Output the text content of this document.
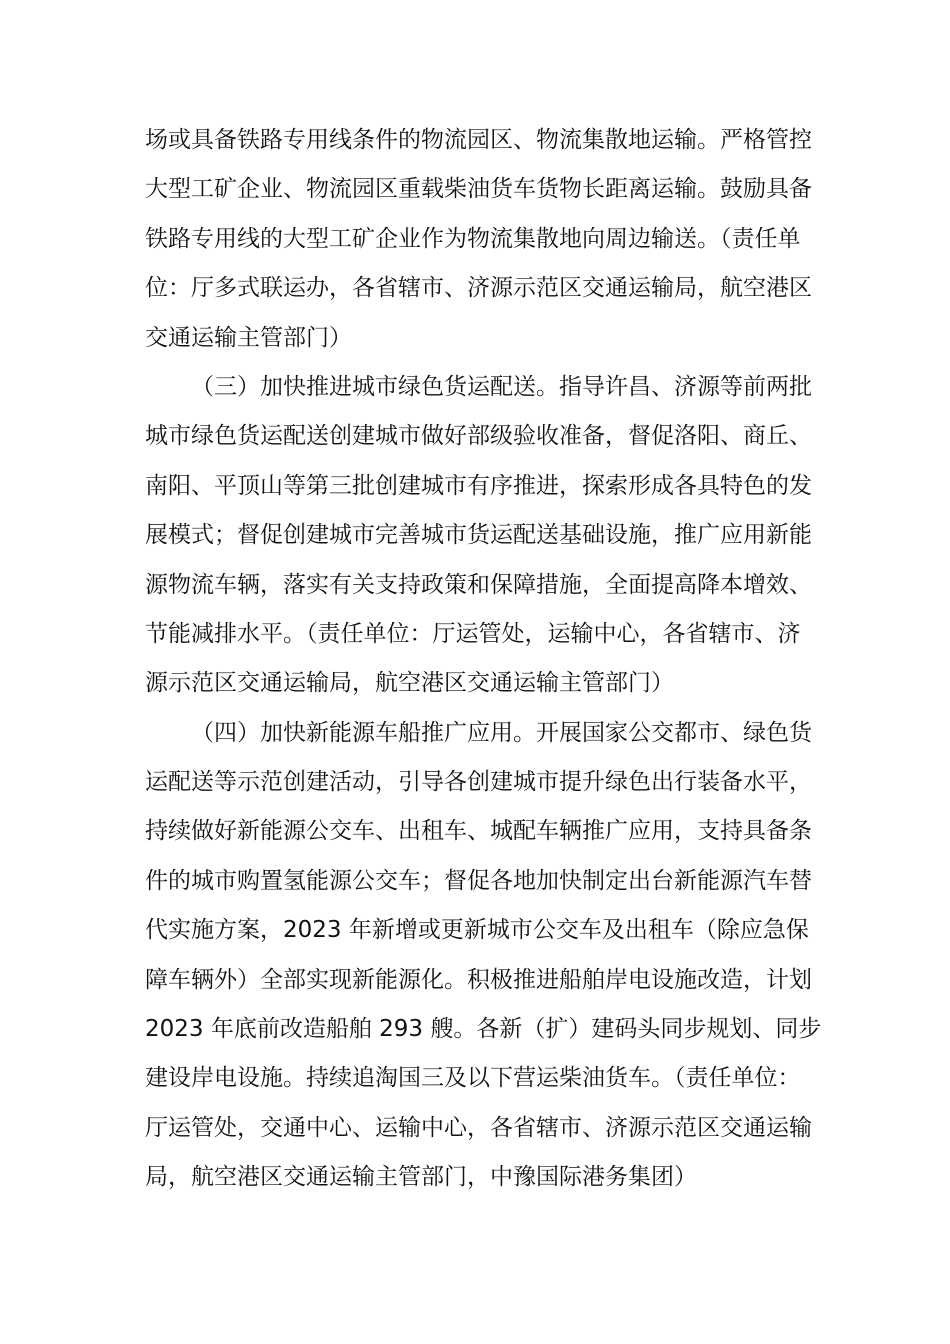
场或具备铁路专用线条件的物流园区、物流集散地运输。严格管控
大型工矿企业、物流园区重载柴油货车货物长距离运输。鼓励具备
铁路专用线的大型工矿企业作为物流集散地向周边输送。（责任单
位：厅多式联运办，各省辖市、济源示范区交通运输局，航空港区
交通运输主管部门）
（三）加快推进城市绿色货运配送。指导许昌、济源等前两批
城市绿色货运配送创建城市做好部级验收准备，督促洛阳、商丘、
南阳、平顶山等第三批创建城市有序推进，探索形成各具特色的发
展模式；督促创建城市完善城市货运配送基础设施，推广应用新能
源物流车辆，落实有关支持政策和保障措施，全面提高降本增效、
节能减排水平。（责任单位：厅运管处，运输中心，各省辖市、济
源示范区交通运输局，航空港区交通运输主管部门）
（四）加快新能源车船推广应用。开展国家公交都市、绿色货
运配送等示范创建活动，引导各创建城市提升绿色出行装备水平，
持续做好新能源公交车、出租车、城配车辆推广应用，支持具备条
件的城市购置氢能源公交车；督促各地加快制定出台新能源汽车替
代实施方案，2023 年新增或更新城市公交车及出租车（除应急保
障车辆外）全部实现新能源化。积极推进船舶岸电设施改造，计划
2023 年底前改造船舶 293 艘。各新（扩）建码头同步规划、同步
建设岸电设施。持续追淘国三及以下营运柴油货车。（责任单位：
厅运管处，交通中心、运输中心，各省辖市、济源示范区交通运输
局，航空港区交通运输主管部门，中豫国际港务集团）
